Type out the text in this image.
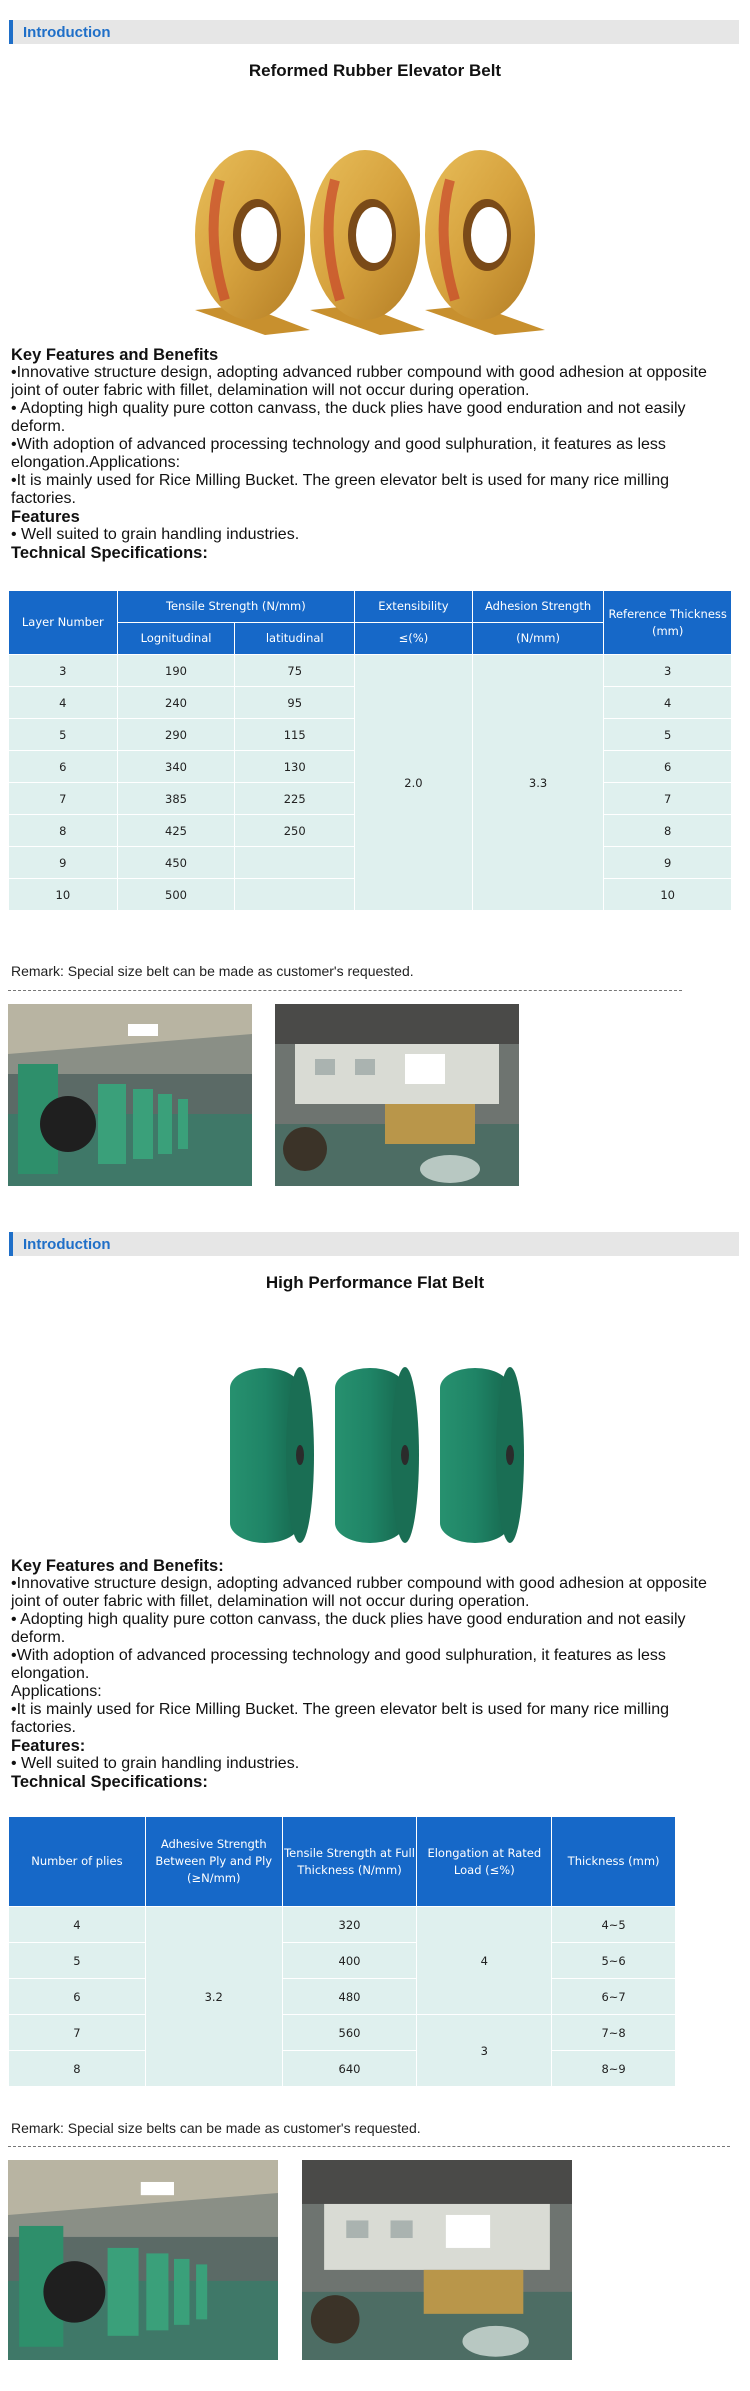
Introduction
Reformed Rubber Elevator Belt

Key Features and Benefits

•Innovative structure design, adopting advanced rubber compound with good adhesion at opposite joint of outer fabric with fillet, delamination will not occur during operation.

• Adopting high quality pure cotton canvass, the duck plies have good enduration and not easily deform.

•With adoption of advanced processing technology and good sulphuration, it features as less elongation.Applications:

•It is mainly used for Rice Milling Bucket. The green elevator belt is used for many rice milling factories.

Features

• Well suited to grain handling industries.

Technical Specifications:

Layer Number	Tensile Strength (N/mm)		Extensibility	Adhesion Strength	Reference Thickness (mm)
	Lognitudinal	latitudinal	≤(%)	(N/mm)	
3	190	75	2.0	3.3	3
4	240	95			4
5	290	115			5
6	340	130			6
7	385	225			7
8	425	250			8
9	450				9
10	500				10
Remark: Special size belt can be made as customer's requested.
Introduction
High Performance Flat Belt

Key Features and Benefits:

•Innovative structure design, adopting advanced rubber compound with good adhesion at opposite joint of outer fabric with fillet, delamination will not occur during operation.

• Adopting high quality pure cotton canvass, the duck plies have good enduration and not easily deform.

•With adoption of advanced processing technology and good sulphuration, it features as less elongation.

Applications:

•It is mainly used for Rice Milling Bucket. The green elevator belt is used for many rice milling factories.

Features:

• Well suited to grain handling industries.

Technical Specifications:

Number of plies	Adhesive Strength Between Ply and Ply (≥N/mm)	Tensile Strength at Full Thickness (N/mm)	Elongation at Rated Load (≤%)	Thickness (mm)
4	3.2	320	4	4~5
5		400		5~6
6		480		6~7
7		560	3	7~8
8		640		8~9
Remark: Special size belts can be made as customer's requested.
